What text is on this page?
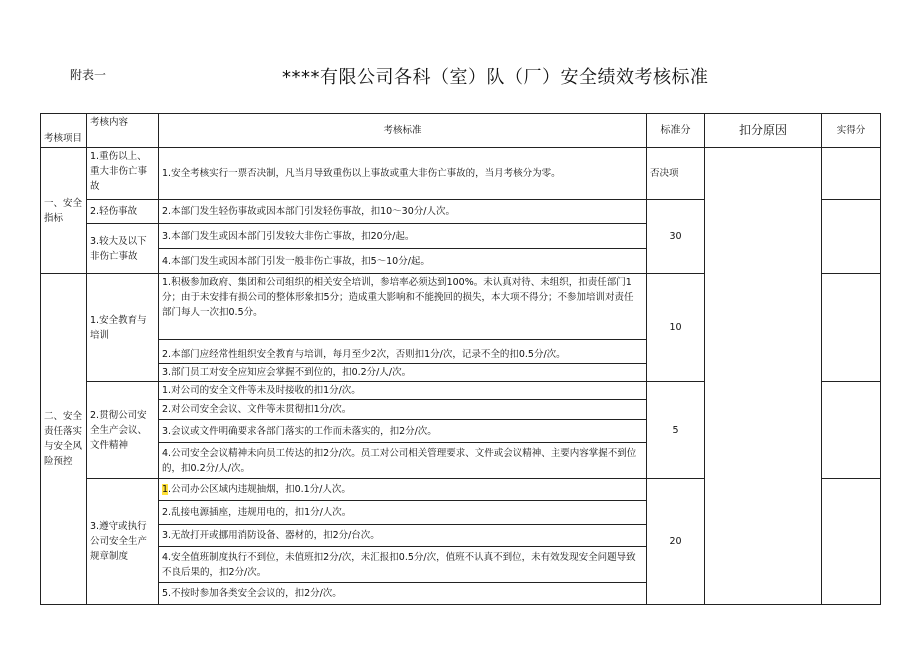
附表一	****有限公司各科（室）队（厂）安全绩效考核标准
考核项目	考核内容	考核标准	标准分	扣分原因	实得分
一、安全指标	1.重伤以上、重大非伤亡事故	1.安全考核实行一票否决制，凡当月导致重伤以上事故或重大非伤亡事故的，当月考核分为零。	否决项		
	2.轻伤事故	2.本部门发生轻伤事故或因本部门引发轻伤事故，扣10～30分/人次。	30		
	3.较大及以下非伤亡事故	3.本部门发生或因本部门引发较大非伤亡事故，扣20分/起。			
		4.本部门发生或因本部门引发一般非伤亡事故，扣5～10分/起。			
二、安全责任落实与安全风险预控	1.安全教育与培训	1.积极参加政府、集团和公司组织的相关安全培训，参培率必须达到100%。未认真对待、未组织，扣责任部门1分；由于未安排有损公司的整体形象扣5分；造成重大影响和不能挽回的损失，本大项不得分；不参加培训对责任部门每人一次扣0.5分。	10		
		2.本部门应经常性组织安全教育与培训，每月至少2次，否则扣1分/次，记录不全的扣0.5分/次。			
		3.部门员工对安全应知应会掌握不到位的，扣0.2分/人/次。			
	2.贯彻公司安全生产会议、文件精神	1.对公司的安全文件等未及时接收的扣1分/次。	5		
		2.对公司安全会议、文件等未贯彻扣1分/次。			
		3.会议或文件明确要求各部门落实的工作而未落实的，扣2分/次。			
		4.公司安全会议精神未向员工传达的扣2分/次。员工对公司相关管理要求、文件或会议精神、主要内容掌握不到位的，扣0.2分/人/次。			
	3.遵守或执行公司安全生产规章制度	1.公司办公区域内违规抽烟，扣0.1分/人次。	20		
		2.乱接电源插座，违规用电的，扣1分/人次。			
		3.无故打开或挪用消防设备、器材的，扣2分/台次。			
		4.安全值班制度执行不到位，未值班扣2分/次，未汇报扣0.5分/次，值班不认真不到位，未有效发现安全问题导致不良后果的，扣2分/次。			
		5.不按时参加各类安全会议的，扣2分/次。			
